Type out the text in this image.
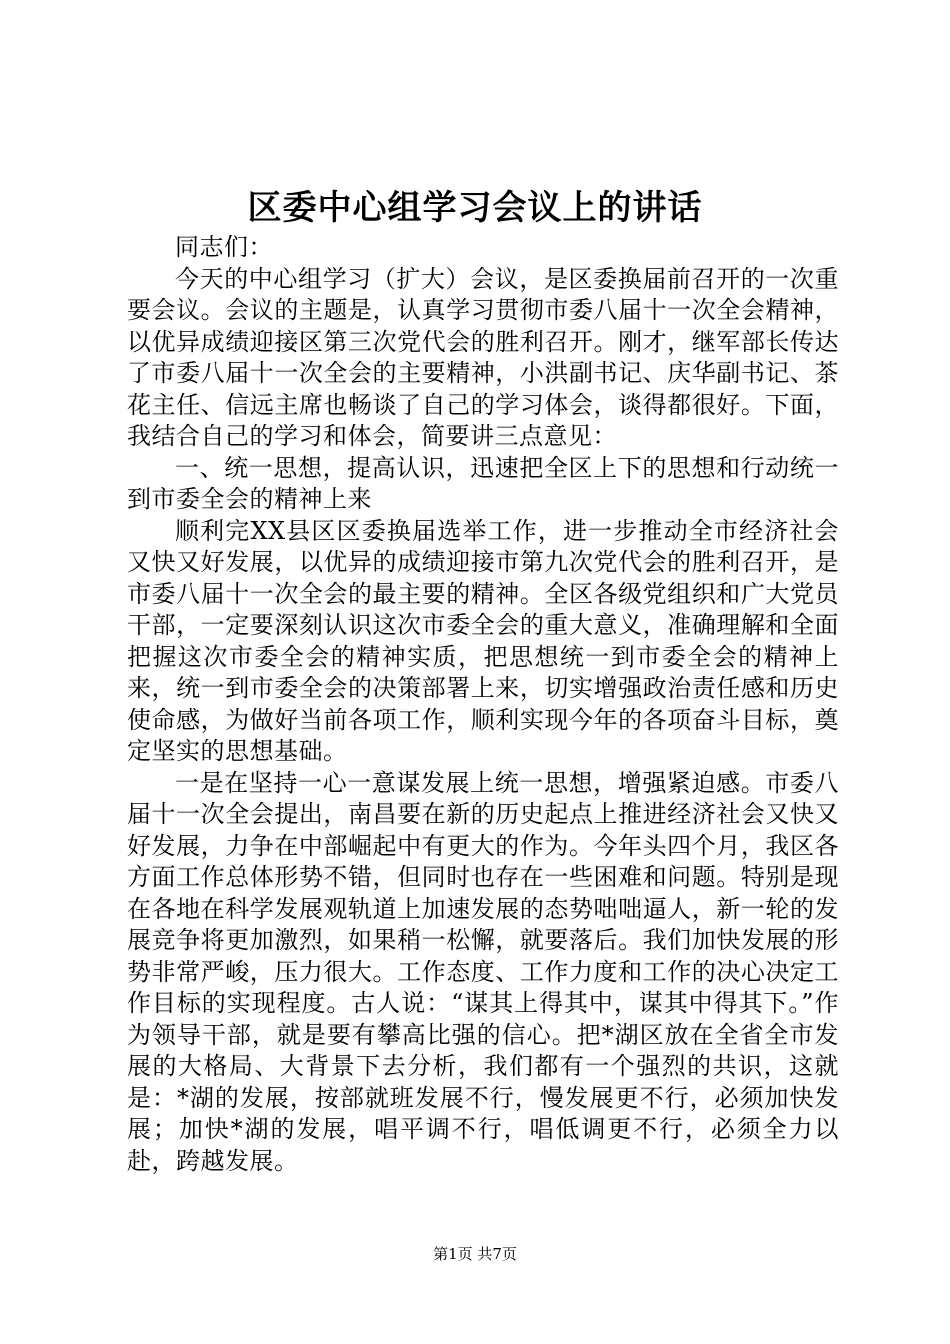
区委中心组学习会议上的讲话

同志们：

今天的中心组学习（扩大）会议，是区委换届前召开的一次重要会议。会议的主题是，认真学习贯彻市委八届十一次全会精神，以优异成绩迎接区第三次党代会的胜利召开。刚才，继军部长传达了市委八届十一次全会的主要精神，小洪副书记、庆华副书记、茶花主任、信远主席也畅谈了自己的学习体会，谈得都很好。下面，我结合自己的学习和体会，简要讲三点意见：

一、统一思想，提高认识，迅速把全区上下的思想和行动统一到市委全会的精神上来

顺利完XX县区区委换届选举工作，进一步推动全市经济社会又快又好发展，以优异的成绩迎接市第九次党代会的胜利召开，是市委八届十一次全会的最主要的精神。全区各级党组织和广大党员干部，一定要深刻认识这次市委全会的重大意义，准确理解和全面把握这次市委全会的精神实质，把思想统一到市委全会的精神上来，统一到市委全会的决策部署上来，切实增强政治责任感和历史使命感，为做好当前各项工作，顺利实现今年的各项奋斗目标，奠定坚实的思想基础。

一是在坚持一心一意谋发展上统一思想，增强紧迫感。市委八届十一次全会提出，南昌要在新的历史起点上推进经济社会又快又好发展，力争在中部崛起中有更大的作为。今年头四个月，我区各方面工作总体形势不错，但同时也存在一些困难和问题。特别是现在各地在科学发展观轨道上加速发展的态势咄咄逼人，新一轮的发展竞争将更加激烈，如果稍一松懈，就要落后。我们加快发展的形势非常严峻，压力很大。工作态度、工作力度和工作的决心决定工作目标的实现程度。古人说：“谋其上得其中，谋其中得其下。”作为领导干部，就是要有攀高比强的信心。把*湖区放在全省全市发展的大格局、大背景下去分析，我们都有一个强烈的共识，这就是：*湖的发展，按部就班发展不行，慢发展更不行，必须加快发展；加快*湖的发展，唱平调不行，唱低调更不行，必须全力以赴，跨越发展。

第1页 共7页
